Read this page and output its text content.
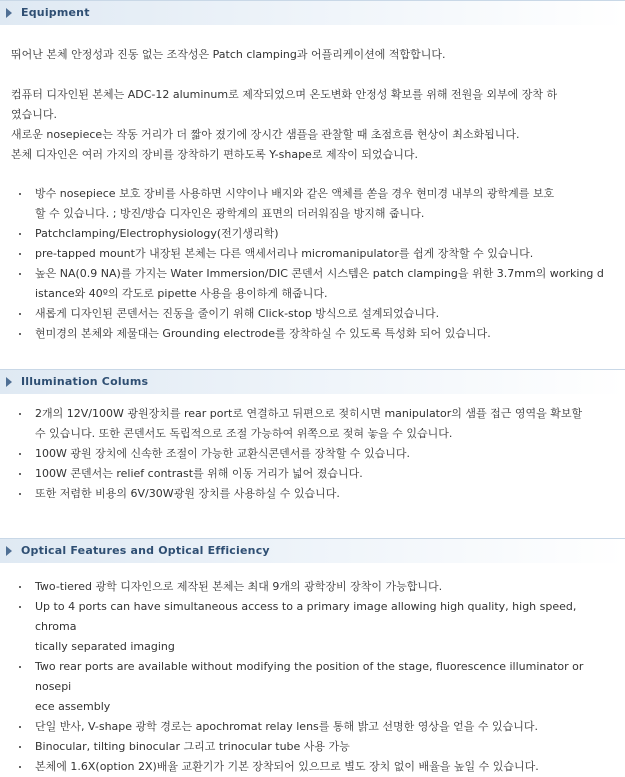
Equipment
뛰어난 본체 안정성과 진동 없는 조작성은 Patch clamping과 어플리케이션에 적합합니다.
컴퓨터 디자인된 본체는 ADC-12 aluminum로 제작되었으며 온도변화 안정성 확보를 위해 전원을 외부에 장착 하
였습니다.
새로운 nosepiece는 작동 거리가 더 짧아 졌기에 장시간 샘플을 관찰할 때 초점흐름 현상이 최소화됩니다.
본체 디자인은 여러 가지의 장비를 장착하기 편하도록 Y-shape로 제작이 되었습니다.
방수 nosepiece 보호 장비를 사용하면 시약이나 배지와 같은 액체를 쏟을 경우 현미경 내부의 광학계를 보호
할 수 있습니다. ; 방진/방습 디자인은 광학계의 표면의 더러워짐을 방지해 줍니다.
Patchclamping/Electrophysiology(전기생리학)
pre-tapped mount가 내장된 본체는 다른 액세서리나 micromanipulator를 쉽게 장착할 수 있습니다.
높은 NA(0.9 NA)를 가지는 Water Immersion/DIC 콘덴서 시스템은 patch clamping을 위한 3.7mm의 working d
istance와 40º의 각도로 pipette 사용을 용이하게 해줍니다.
새롭게 디자인된 콘덴서는 진동을 줄이기 위해 Click-stop 방식으로 설계되었습니다.
현미경의 본체와 제물대는 Grounding electrode를 장착하실 수 있도록 특성화 되어 있습니다.
Illumination Colums
2개의 12V/100W 광원장치를 rear port로 연결하고 뒤편으로 젖히시면 manipulator의 샘플 접근 영역을 확보할
수 있습니다. 또한 콘덴서도 독립적으로 조절 가능하여 위쪽으로 젖혀 놓을 수 있습니다.
100W 광원 장치에 신속한 조절이 가능한 교환식콘덴서를 장착할 수 있습니다.
100W 콘덴서는 relief contrast를 위해 이동 거리가 넓어 졌습니다.
또한 저렴한 비용의 6V/30W광원 장치를 사용하실 수 있습니다.
Optical Features and Optical Efficiency
Two-tiered 광학 디자인으로 제작된 본체는 최대 9개의 광학장비 장착이 가능합니다.
Up to 4 ports can have simultaneous access to a primary image allowing high quality, high speed, chroma
tically separated imaging
Two rear ports are available without modifying the position of the stage, fluorescence illuminator or nosepi
ece assembly
단일 반사, V-shape 광학 경로는 apochromat relay lens를 통해 밝고 선명한 영상을 얻을 수 있습니다.
Binocular, tilting binocular 그리고 trinocular tube 사용 가능
본체에 1.6X(option 2X)배율 교환기가 기본 장착되어 있으므로 별도 장치 없이 배율을 높일 수 있습니다.
